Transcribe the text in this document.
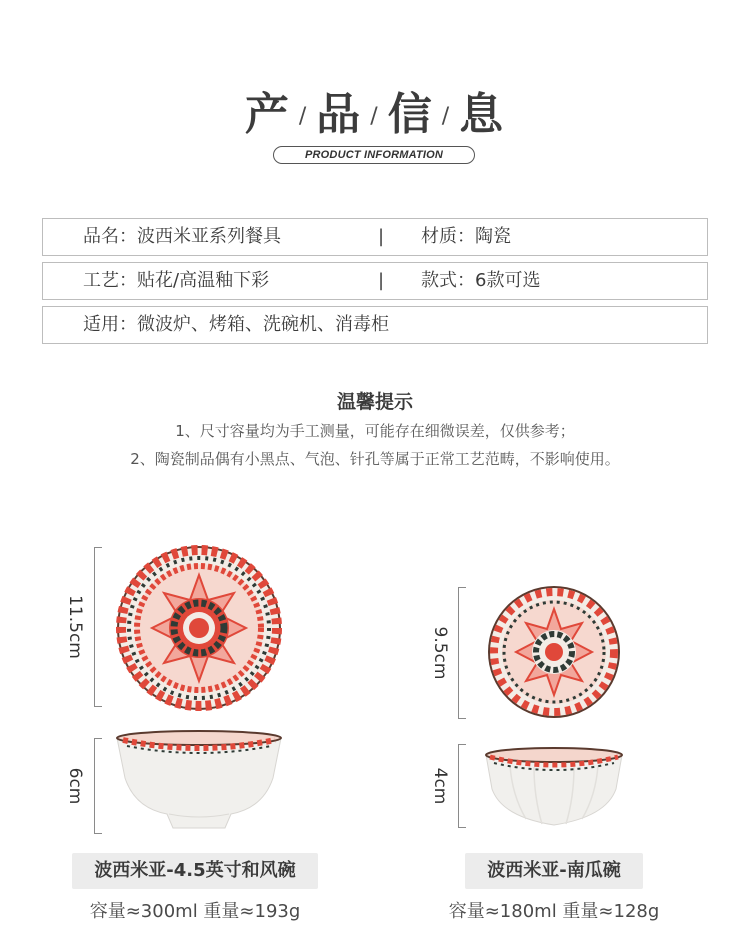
产 / 品 / 信 / 息
PRODUCT INFORMATION
品名：波西米亚系列餐具	| 材质：陶瓷
工艺：贴花/高温釉下彩	| 款式：6款可选
适用：微波炉、烤箱、洗碗机、消毒柜
温馨提示
1、尺寸容量均为手工测量，可能存在细微误差，仅供参考；
2、陶瓷制品偶有小黑点、气泡、针孔等属于正常工艺范畴，不影响使用。
11.5cm
6cm
9.5cm
4cm
波西米亚-4.5英寸和风碗
容量≈300ml 重量≈193g
波西米亚-南瓜碗
容量≈180ml 重量≈128g
